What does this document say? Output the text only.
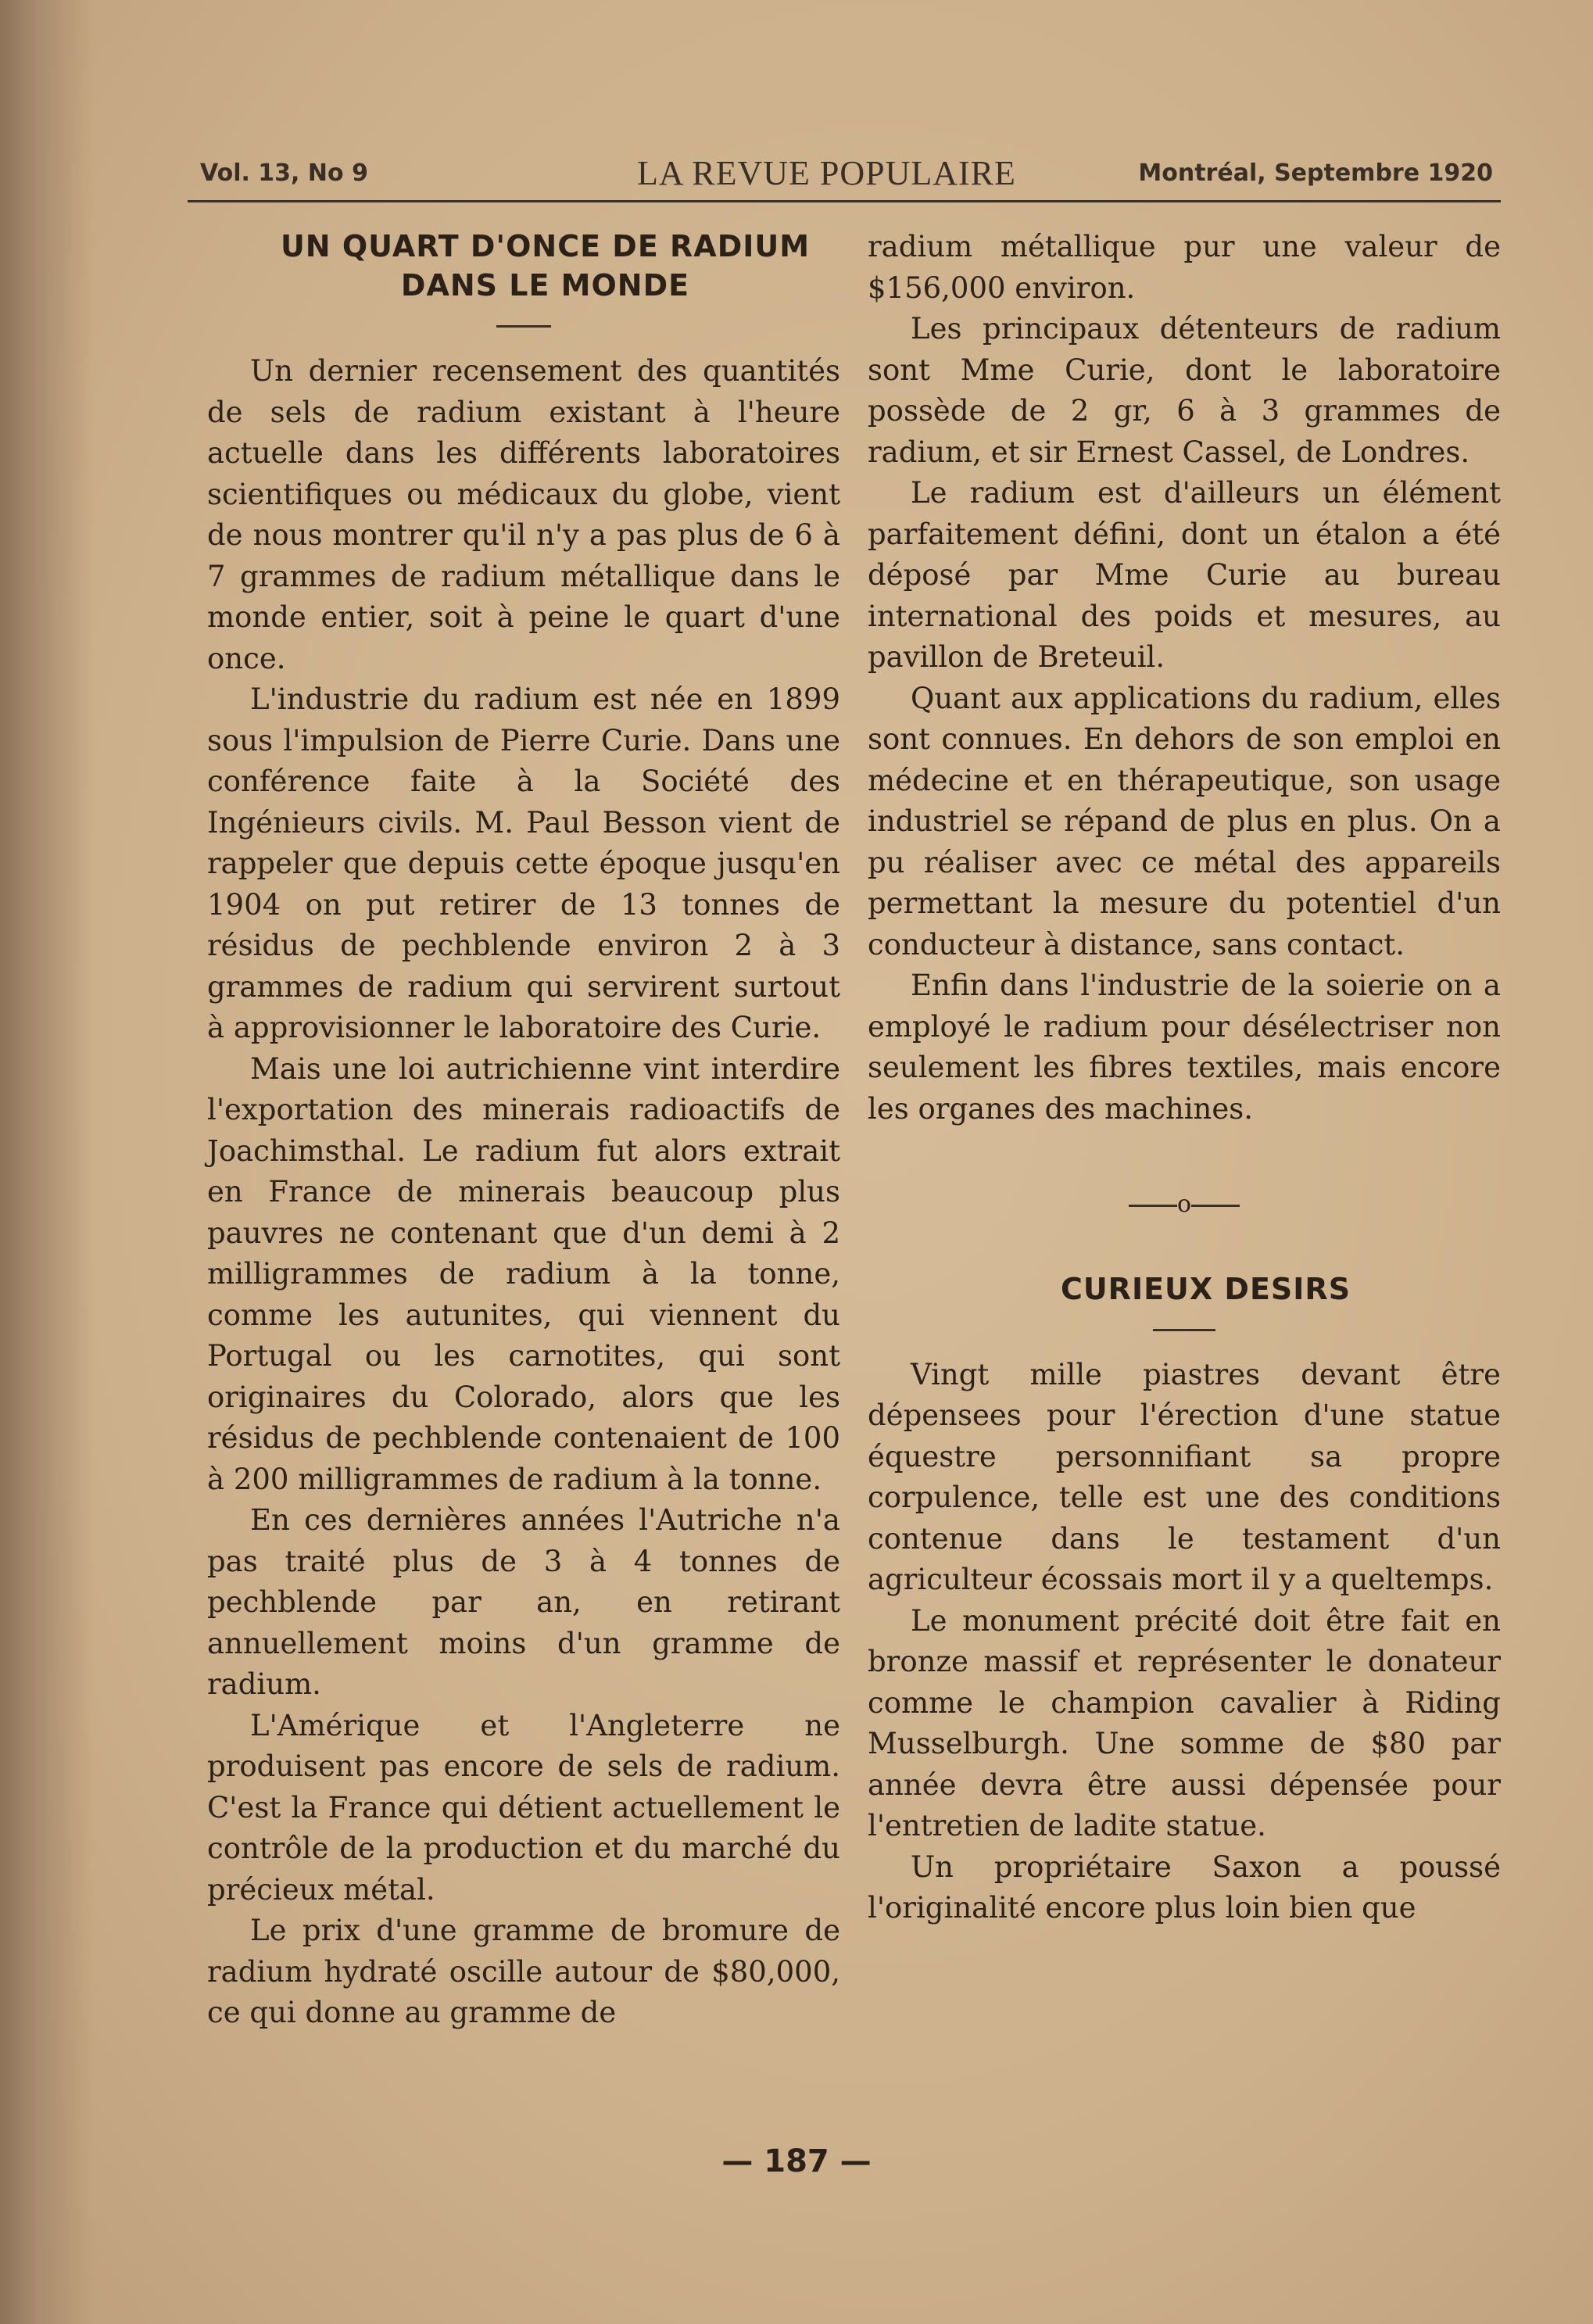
Vol. 13, No 9	LA REVUE POPULAIRE	Montréal, Septembre 1920

UN QUART D'ONCE DE RADIUM

DANS LE MONDE

Un dernier recensement des quantités de sels de radium existant à l'heure actuelle dans les différents laboratoires scientifiques ou médicaux du globe, vient de nous montrer qu'il n'y a pas plus de 6 à 7 grammes de radium métallique dans le monde entier, soit à peine le quart d'une once.

L'industrie du radium est née en 1899 sous l'impulsion de Pierre Curie. Dans une conférence faite à la Société des Ingénieurs civils. M. Paul Besson vient de rappeler que depuis cette époque jusqu'en 1904 on put retirer de 13 tonnes de résidus de pechblende environ 2 à 3 grammes de radium qui servirent surtout à approvisionner le laboratoire des Curie.

Mais une loi autrichienne vint interdire l'exportation des minerais radioactifs de Joachimsthal. Le radium fut alors extrait en France de minerais beaucoup plus pauvres ne contenant que d'un demi à 2 milligrammes de radium à la tonne, comme les autunites, qui viennent du Portugal ou les carnotites, qui sont originaires du Colorado, alors que les résidus de pechblende contenaient de 100 à 200 milligrammes de radium à la tonne.

En ces dernières années l'Autriche n'a pas traité plus de 3 à 4 tonnes de pechblende par an, en retirant annuellement moins d'un gramme de radium.

L'Amérique et l'Angleterre ne produisent pas encore de sels de radium. C'est la France qui détient actuellement le contrôle de la production et du marché du précieux métal.

Le prix d'une gramme de bromure de radium hydraté oscille autour de $80,000, ce qui donne au gramme de

radium métallique pur une valeur de $156,000 environ.

Les principaux détenteurs de radium sont Mme Curie, dont le laboratoire possède de 2 gr, 6 à 3 grammes de radium, et sir Ernest Cassel, de Londres.

Le radium est d'ailleurs un élément parfaitement défini, dont un étalon a été déposé par Mme Curie au bureau international des poids et mesures, au pavillon de Breteuil.

Quant aux applications du radium, elles sont connues. En dehors de son emploi en médecine et en thérapeutique, son usage industriel se répand de plus en plus. On a pu réaliser avec ce métal des appareils permettant la mesure du potentiel d'un conducteur à distance, sans contact.

Enfin dans l'industrie de la soierie on a employé le radium pour désélectriser non seulement les fibres textiles, mais encore les organes des machines.

o

CURIEUX DESIRS

Vingt mille piastres devant être dépensees pour l'érection d'une statue équestre personnifiant sa propre corpulence, telle est une des conditions contenue dans le testament d'un agriculteur écossais mort il y a queltemps.

Le monument précité doit être fait en bronze massif et représenter le donateur comme le champion cavalier à Riding Musselburgh. Une somme de $80 par année devra être aussi dépensée pour l'entretien de ladite statue.

Un propriétaire Saxon a poussé l'originalité encore plus loin bien que

— 187 —
